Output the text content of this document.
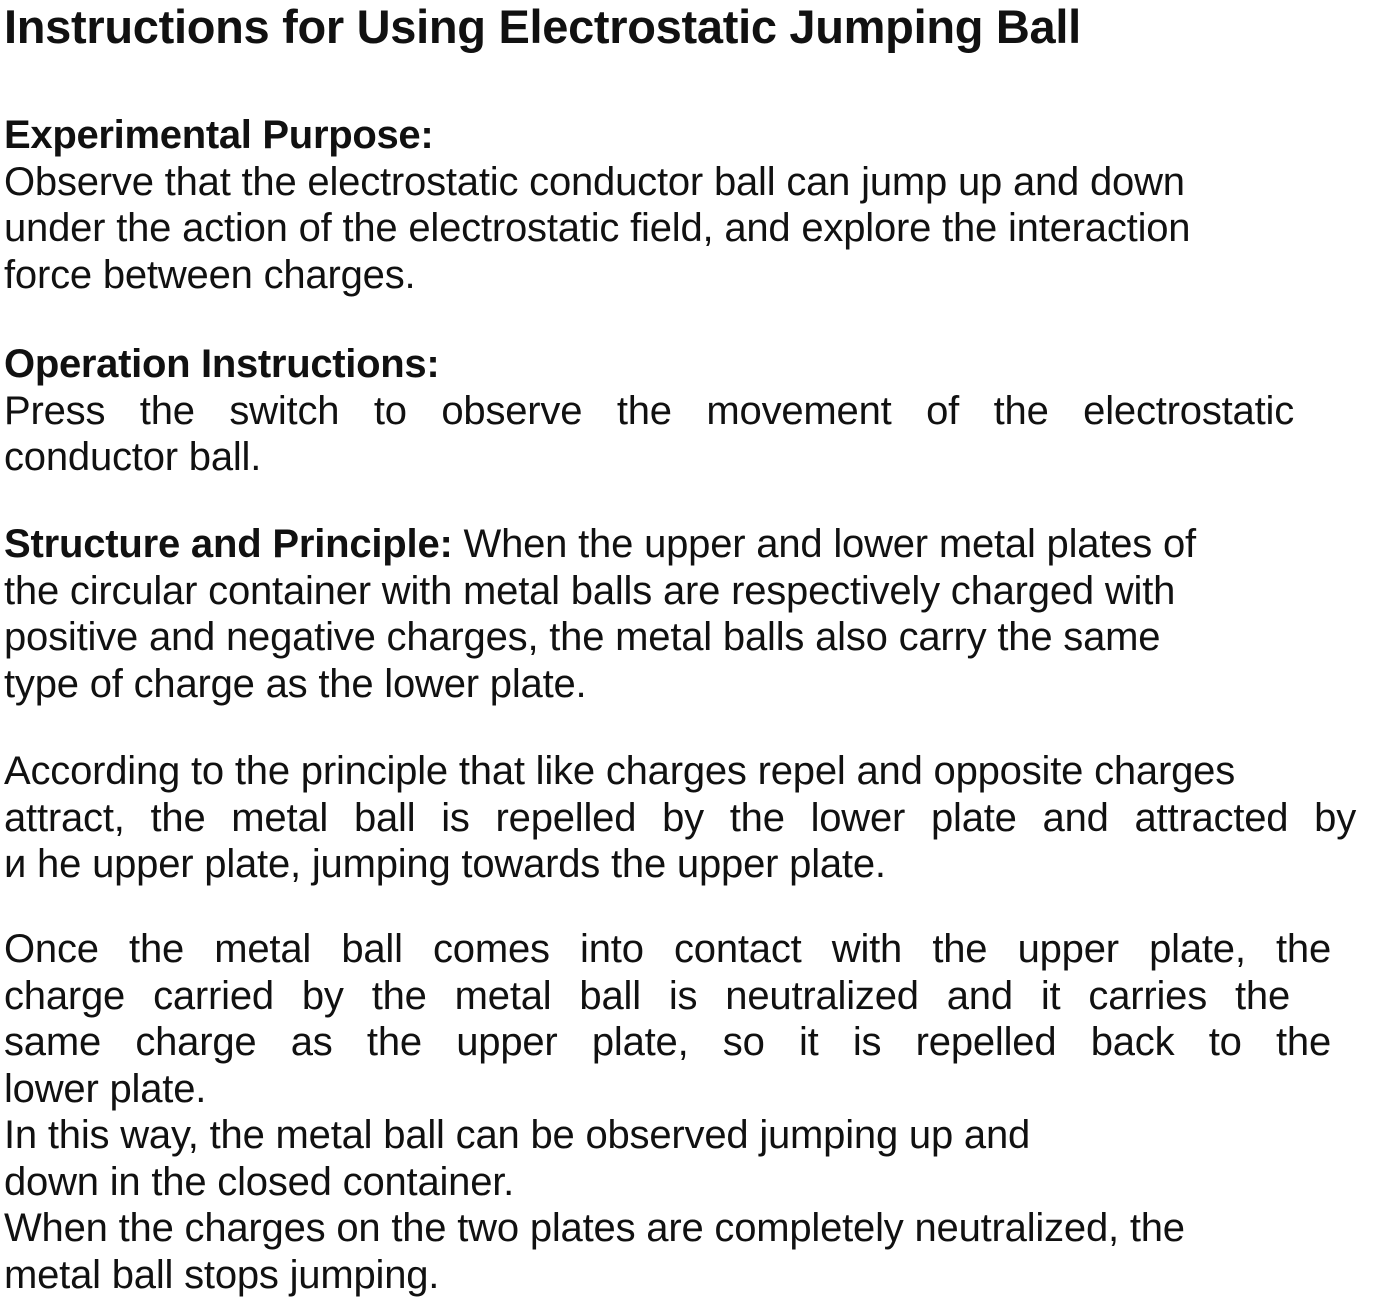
Instructions for Using Electrostatic Jumping Ball
Experimental Purpose:
Observe that the electrostatic conductor ball can jump up and down
under the action of the electrostatic field, and explore the interaction
force between charges.
Operation Instructions:
Press the switch to observe the movement of the electrostatic
conductor ball.
Structure and Principle: When the upper and lower metal plates of
the circular container with metal balls are respectively charged with
positive and negative charges, the metal balls also carry the same
type of charge as the lower plate.
According to the principle that like charges repel and opposite charges
attract, the metal ball is repelled by the lower plate and attracted by
и he upper plate, jumping towards the upper plate.
Once the metal ball comes into contact with the upper plate, the
charge carried by the metal ball is neutralized and it carries the
same charge as the upper plate, so it is repelled back to the
lower plate.
In this way, the metal ball can be observed jumping up and
down in the closed container.
When the charges on the two plates are completely neutralized, the
metal ball stops jumping.
